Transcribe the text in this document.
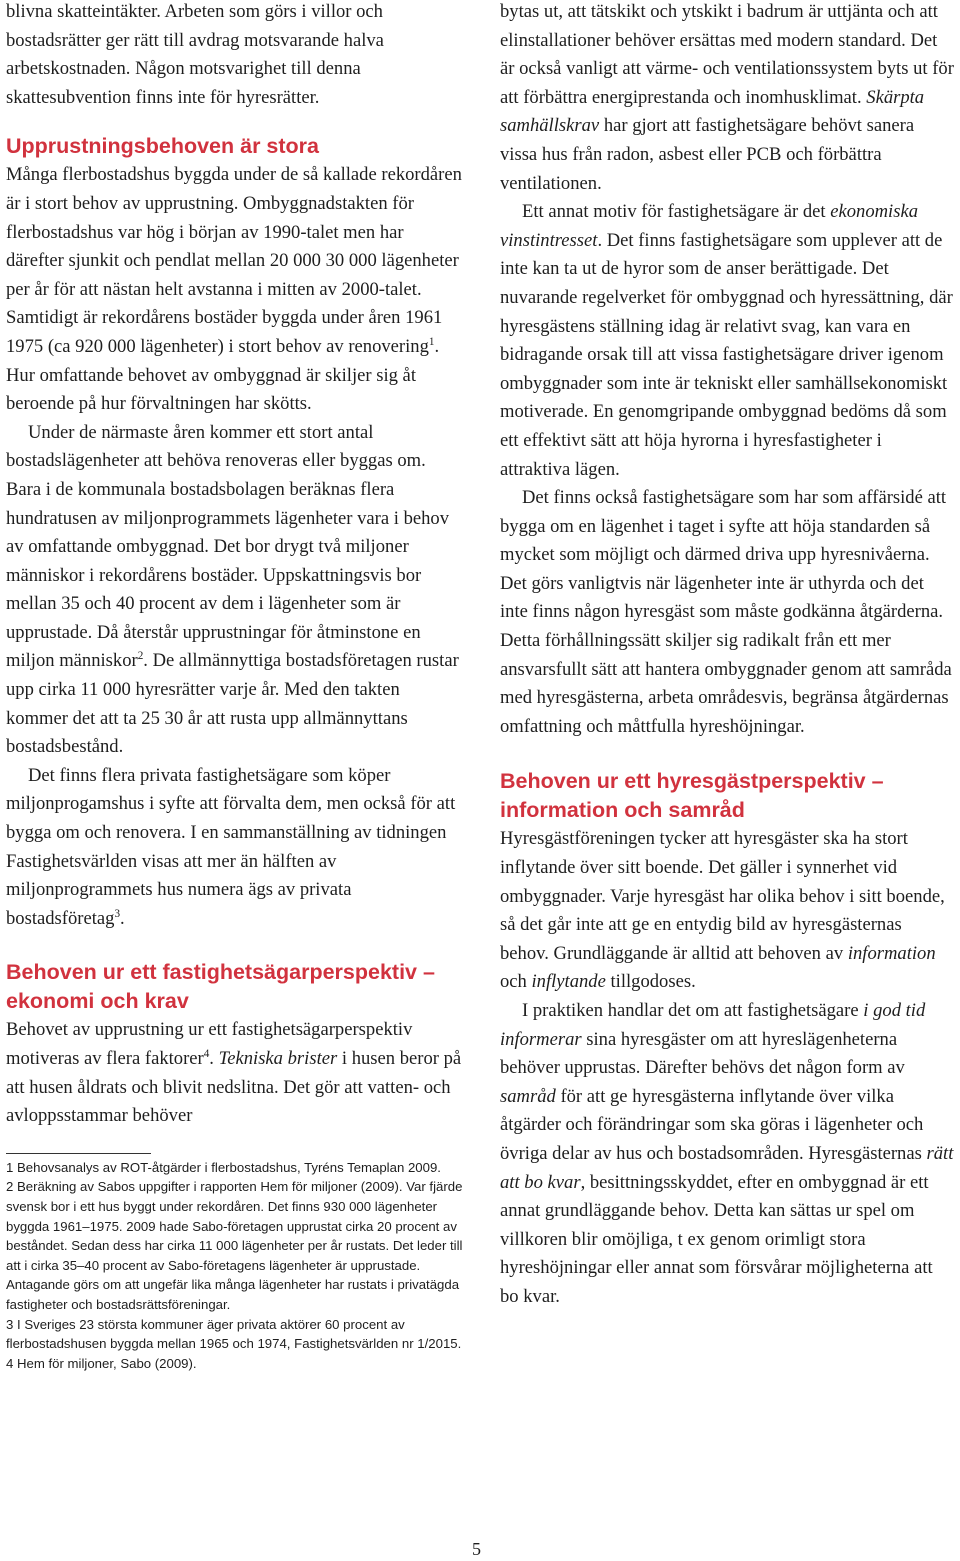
blivna skatteintäkter. Arbeten som görs i villor och bostadsrätter ger rätt till avdrag motsvarande halva arbetskostnaden. Någon motsvarighet till denna skattesubvention finns inte för hyresrätter.

Upprustningsbehoven är stora

Många flerbostadshus byggda under de så kallade rekordåren är i stort behov av upprustning. Ombyggnadstakten för flerbostadshus var hög i början av 1990-talet men har därefter sjunkit och pendlat mellan 20 000 30 000 lägenheter per år för att nästan helt avstanna i mitten av 2000-talet. Samtidigt är rekordårens bostäder byggda under åren 1961 1975 (ca 920 000 lägenheter) i stort behov av renovering$^1$. Hur omfattande behovet av ombyggnad är skiljer sig åt beroende på hur förvaltningen har skötts.

Under de närmaste åren kommer ett stort antal bostadslägenheter att behöva renoveras eller byggas om. Bara i de kommunala bostadsbolagen beräknas flera hundratusen av miljonprogrammets lägenheter vara i behov av omfattande ombyggnad. Det bor drygt två miljoner människor i rekordårens bostäder. Uppskattningsvis bor mellan 35 och 40 procent av dem i lägenheter som är upprustade. Då återstår upprustningar för åtminstone en miljon människor$^2$. De allmännyttiga bostadsföretagen rustar upp cirka 11 000 hyresrätter varje år. Med den takten kommer det att ta 25 30 år att rusta upp allmännyttans bostadsbestånd.

Det finns flera privata fastighetsägare som köper miljonprogamshus i syfte att förvalta dem, men också för att bygga om och renovera. I en sammanställning av tidningen Fastighetsvärlden visas att mer än hälften av miljonprogrammets hus numera ägs av privata bostadsföretag$^3$.

Behoven ur ett fastighetsägarperspektiv – ekonomi och krav

Behovet av upprustning ur ett fastighetsägarperspektiv motiveras av flera faktorer$^4$. Tekniska brister i husen beror på att husen åldrats och blivit nedslitna. Det gör att vatten- och avloppsstammar behöver

1 Behovsanalys av ROT-åtgärder i flerbostadshus, Tyréns Temaplan 2009.

2 Beräkning av Sabos uppgifter i rapporten Hem för miljoner (2009). Var fjärde svensk bor i ett hus byggt under rekordåren. Det finns 930 000 lägenheter byggda 1961–1975. 2009 hade Sabo-företagen upprustat cirka 20 procent av beståndet. Sedan dess har cirka 11 000 lägenheter per år rustats. Det leder till att i cirka 35–40 procent av Sabo-företagens lägenheter är upprustade. Antagande görs om att ungefär lika många lägenheter har rustats i privatägda fastigheter och bostadsrättsföreningar.

3 I Sveriges 23 största kommuner äger privata aktörer 60 procent av flerbostadshusen byggda mellan 1965 och 1974, Fastighetsvärlden nr 1/2015.

4 Hem för miljoner, Sabo (2009).

bytas ut, att tätskikt och ytskikt i badrum är uttjänta och att elinstallationer behöver ersättas med modern standard. Det är också vanligt att värme- och ventilationssystem byts ut för att förbättra energiprestanda och inomhusklimat. Skärpta samhällskrav har gjort att fastighetsägare behövt sanera vissa hus från radon, asbest eller PCB och förbättra ventilationen.

Ett annat motiv för fastighetsägare är det ekonomiska vinstintresset. Det finns fastighetsägare som upplever att de inte kan ta ut de hyror som de anser berättigade. Det nuvarande regelverket för ombyggnad och hyressättning, där hyresgästens ställning idag är relativt svag, kan vara en bidragande orsak till att vissa fastighetsägare driver igenom ombyggnader som inte är tekniskt eller samhällsekonomiskt motiverade. En genomgripande ombyggnad bedöms då som ett effektivt sätt att höja hyrorna i hyresfastigheter i attraktiva lägen.

Det finns också fastighetsägare som har som affärsidé att bygga om en lägenhet i taget i syfte att höja standarden så mycket som möjligt och därmed driva upp hyresnivåerna. Det görs vanligtvis när lägenheter inte är uthyrda och det inte finns någon hyresgäst som måste godkänna åtgärderna. Detta förhållningssätt skiljer sig radikalt från ett mer ansvarsfullt sätt att hantera ombyggnader genom att samråda med hyresgästerna, arbeta områdesvis, begränsa åtgärdernas omfattning och måttfulla hyreshöjningar.

Behoven ur ett hyresgästperspektiv – information och samråd

Hyresgästföreningen tycker att hyresgäster ska ha stort inflytande över sitt boende. Det gäller i synnerhet vid ombyggnader. Varje hyresgäst har olika behov i sitt boende, så det går inte att ge en entydig bild av hyresgästernas behov. Grundläggande är alltid att behoven av information och inflytande tillgodoses.

I praktiken handlar det om att fastighetsägare i god tid informerar sina hyresgäster om att hyreslägenheterna behöver upprustas. Därefter behövs det någon form av samråd för att ge hyresgästerna inflytande över vilka åtgärder och förändringar som ska göras i lägenheter och övriga delar av hus och bostadsområden. Hyresgästernas rätt att bo kvar, besittningsskyddet, efter en ombyggnad är ett annat grundläggande behov. Detta kan sättas ur spel om villkoren blir omöjliga, t ex genom orimligt stora hyreshöjningar eller annat som försvårar möjligheterna att bo kvar.

5
